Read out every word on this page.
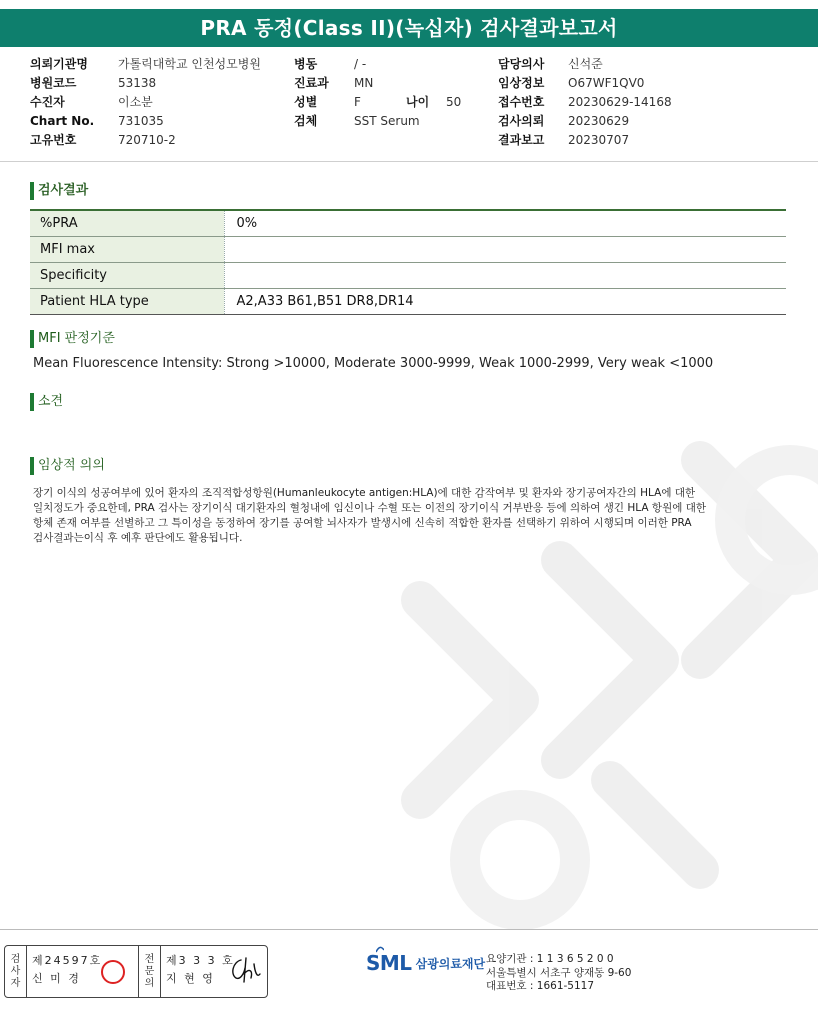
PRA 동정(Class II)(녹십자) 검사결과보고서
의뢰기관명	가톨릭대학교 인천성모병원
병원코드	53138
수진자	이소분
Chart No.	731035
고유번호	720710-2
병동	/ -
진료과	MN
성별	F	나이	50
검체	SST Serum
담당의사	신석준
임상정보	O67WF1QV0
접수번호	20230629-14168
검사의뢰	20230629
결과보고	20230707
검사결과
%PRA	0%
MFI max	
Specificity	
Patient HLA type	A2,A33 B61,B51 DR8,DR14
MFI 판정기준
Mean Fluorescence Intensity: Strong >10000, Moderate 3000-9999, Weak 1000-2999, Very weak <1000
소견
임상적 의의
장기 이식의 성공여부에 있어 환자의 조직적합성항원(Humanleukocyte antigen:HLA)에 대한 감작여부 및 환자와 장기공여자간의 HLA에 대한
일치정도가 중요한데, PRA 검사는 장기이식 대기환자의 혈청내에 임신이나 수혈 또는 이전의 장기이식 거부반응 등에 의하여 생긴 HLA 항원에 대한
항체 존재 여부를 선별하고 그 특이성을 동정하여 장기를 공여할 뇌사자가 발생시에 신속히 적합한 환자를 선택하기 위하여 시행되며 이러한 PRA
검사결과는이식 후 예후 판단에도 활용됩니다.
검
사
자
제24597호
신 미 경
전
문
의
제3 3 3 호
지 현 영
SML 삼광의료재단 요양기관 : 1 1 3 6 5 2 0 0
서울특별시 서초구 양재동 9-60
대표번호 : 1661-5117
